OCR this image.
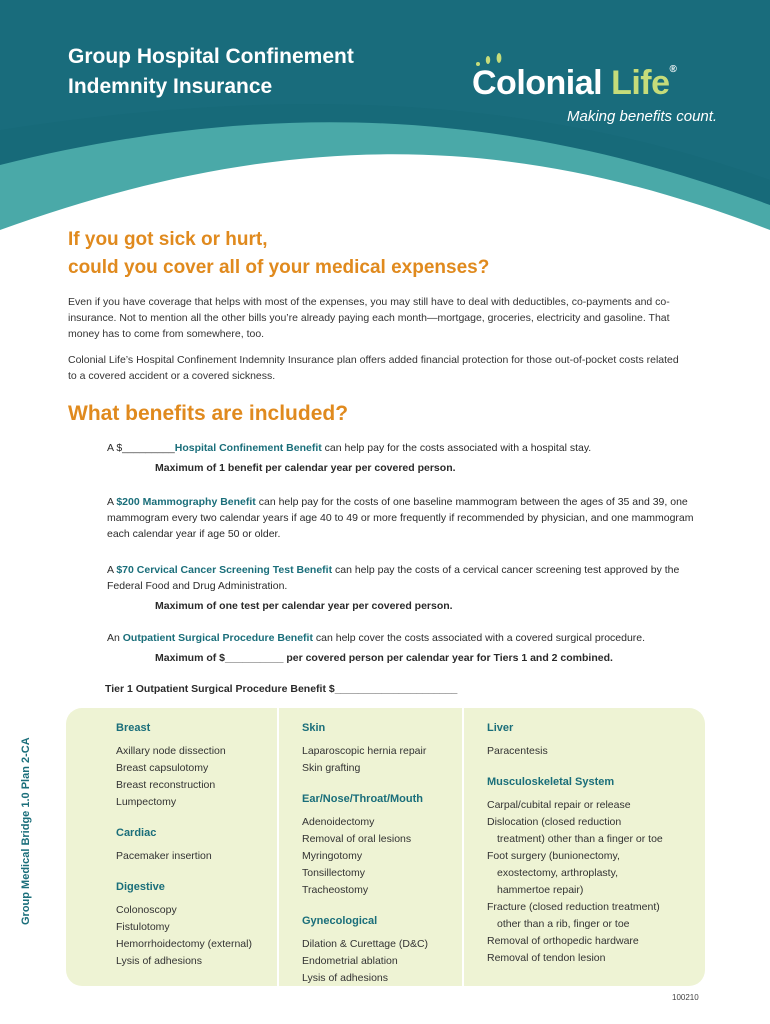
Group Hospital Confinement
Indemnity Insurance	Colonial Life®
Making benefits count.
If you got sick or hurt,
could you cover all of your medical expenses?

Even if you have coverage that helps with most of the expenses, you may still have to deal with deductibles, co-payments and co-insurance. Not to mention all the other bills you’re already paying each month—mortgage, groceries, electricity and gasoline. That money has to come from somewhere, too.

Colonial Life’s Hospital Confinement Indemnity Insurance plan offers added financial protection for those out-of-pocket costs related to a covered accident or a covered sickness.

What benefits are included?
A $_________Hospital Confinement Benefit can help pay for the costs associated with a hospital stay.
Maximum of 1 benefit per calendar year per covered person.
A $200 Mammography Benefit can help pay for the costs of one baseline mammogram between the ages of 35 and 39, one mammogram every two calendar years if age 40 to 49 or more frequently if recommended by physician, and one mammogram each calendar year if age 50 or older.
A $70 Cervical Cancer Screening Test Benefit can help pay the costs of a cervical cancer screening test approved by the Federal Food and Drug Administration.
Maximum of one test per calendar year per covered person.
An Outpatient Surgical Procedure Benefit can help cover the costs associated with a covered surgical procedure.
Maximum of $__________ per covered person per calendar year for Tiers 1 and 2 combined.
Tier 1 Outpatient Surgical Procedure Benefit $_____________________
Group Medical Bridge 1.0 Plan 2-CA
Breast
Axillary node dissection
Breast capsulotomy
Breast reconstruction
Lumpectomy
Cardiac
Pacemaker insertion
Digestive
Colonoscopy
Fistulotomy
Hemorrhoidectomy (external)
Lysis of adhesions
Skin
Laparoscopic hernia repair
Skin grafting
Ear/Nose/Throat/Mouth
Adenoidectomy
Removal of oral lesions
Myringotomy
Tonsillectomy
Tracheostomy
Gynecological
Dilation & Curettage (D&C)
Endometrial ablation
Lysis of adhesions
Liver
Paracentesis
Musculoskeletal System
Carpal/cubital repair or release
Dislocation (closed reduction
treatment) other than a finger or toe
Foot surgery (bunionectomy,
exostectomy, arthroplasty,
hammertoe repair)
Fracture (closed reduction treatment)
other than a rib, finger or toe
Removal of orthopedic hardware
Removal of tendon lesion
100210
